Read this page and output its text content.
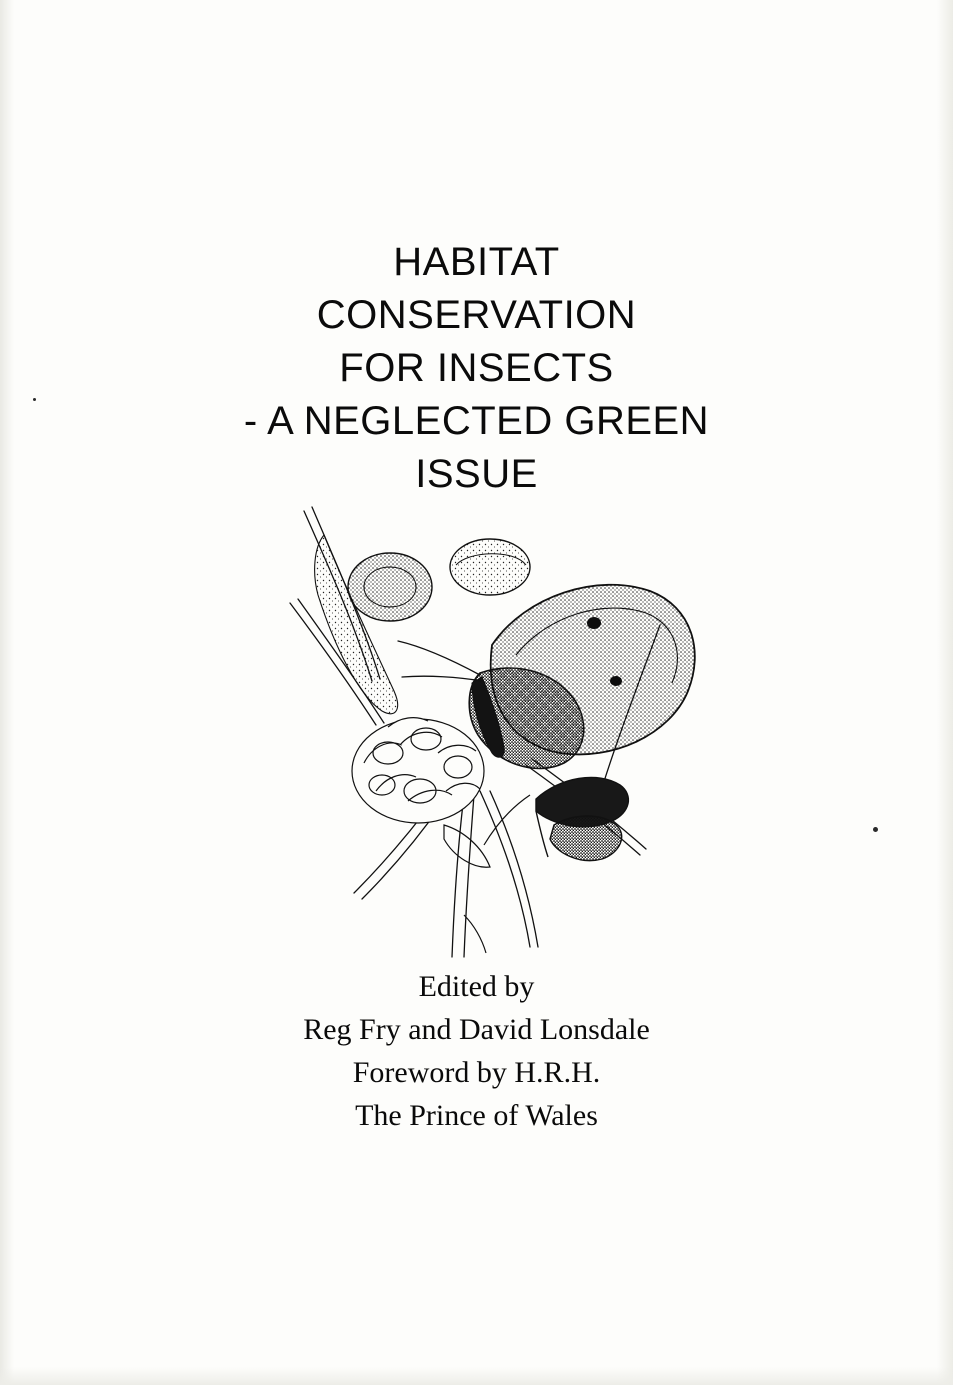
HABITAT
CONSERVATION
FOR INSECTS
- A NEGLECTED GREEN
ISSUE
Edited by
Reg Fry and David Lonsdale
Foreword by H.R.H.
The Prince of Wales
